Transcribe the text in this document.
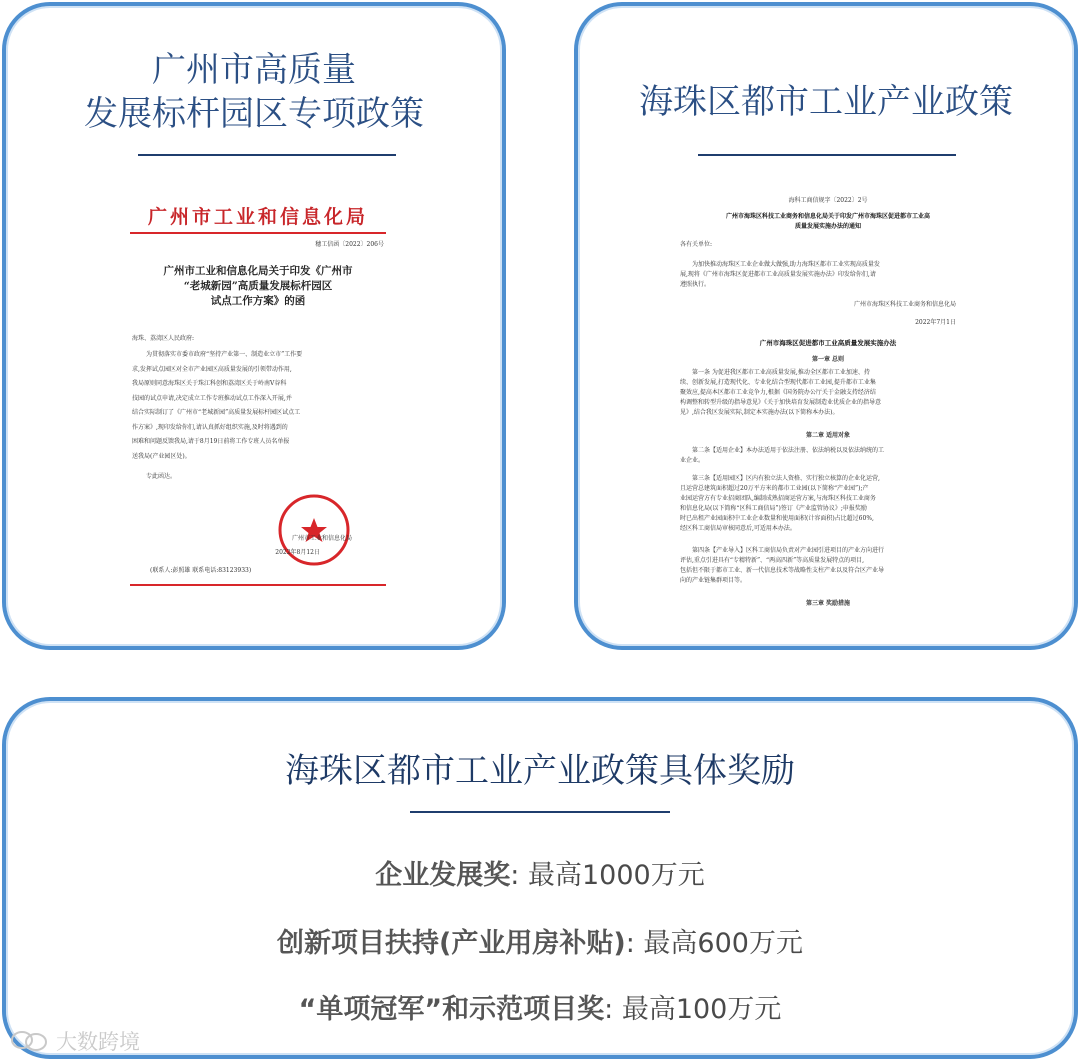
广州市高质量
发展标杆园区专项政策
广州市工业和信息化局
穗工信函〔2022〕206号

广州市工业和信息化局关于印发《广州市

“老城新园”高质量发展标杆园区

试点工作方案》的函

海珠、荔湾区人民政府:

为贯彻落实市委市政府“坚持产业第一、制造业立市”工作要

求,发挥试点园区对全市产业园区高质量发展的引领带动作用,

我局原则同意海珠区关于珠江科创和荔湾区关于岭南V谷科

技园的试点申请,决定成立工作专班推动试点工作深入开展,并

结合实际制订了《广州市“老城新园”高质量发展标杆园区试点工

作方案》,现印发给你们,请认真抓好组织实施,及时将遇到的

困难和问题反馈我局,请于8月19日前将工作专班人员名单报

送我局(产业园区处)。

专此函达。

广州市工业和信息化局
2022年8月12日
(联系人:彭照雄 联系电话:83123933)
海珠区都市工业产业政策
海科工商信规字〔2022〕2号

广州市海珠区科技工业商务和信息化局关于印发广州市海珠区促进都市工业高

质量发展实施办法的通知

各有关单位:

为加快推动海珠区工业企业做大做强,助力海珠区都市工业实现高质量发

展,现将《广州市海珠区促进都市工业高质量发展实施办法》印发给你们,请

遵照执行。

广州市海珠区科技工业商务和信息化局
2022年7月1日
广州市海珠区促进都市工业高质量发展实施办法
第一章 总则

第一条 为促进我区都市工业高质量发展,推动全区都市工业加速、持

续、创新发展,打造现代化、专业化结合型现代都市工业园,提升都市工业集

聚效应,提高本区都市工业竞争力,根据《国务院办公厅关于金融支持经济结

构调整和转型升级的指导意见》《关于加快培育发展制造业优质企业的指导意

见》,结合我区发展实际,制定本实施办法(以下简称本办法)。

第二章 适用对象

第二条【适用企业】本办法适用于依法注册、依法纳税以及依法纳统的工

业企业。

第三条【适用园区】区内有独立法人资格、实行独立核算的企业化运营,

且运营总建筑面积超过20万平方米的都市工业园(以下简称“产业园”);产

业园运营方有专业招商团队,编制成熟招商运营方案,与海珠区科技工业商务

和信息化局(以下简称“区科工商信局”)签订《产业监管协议》;申报奖励

时已出租产业园面积中工业企业数量和使用面积(计容面积)占比超过60%,

经区科工商信局审核同意后,可适用本办法。

第四条【产业导入】区科工商信局负责对产业园引进项目的产业方向进行

评估,重点引进具有“专精特新”、“两高四新”等高质量发展特点的项目,

包括但不限于都市工业、新一代信息技术等战略性支柱产业以及符合区产业导

向的产业链集群项目等。

第三章 奖励措施
海珠区都市工业产业政策具体奖励
企业发展奖: 最高1000万元
创新项目扶持(产业用房补贴): 最高600万元
“单项冠军”和示范项目奖: 最高100万元
大数跨境
